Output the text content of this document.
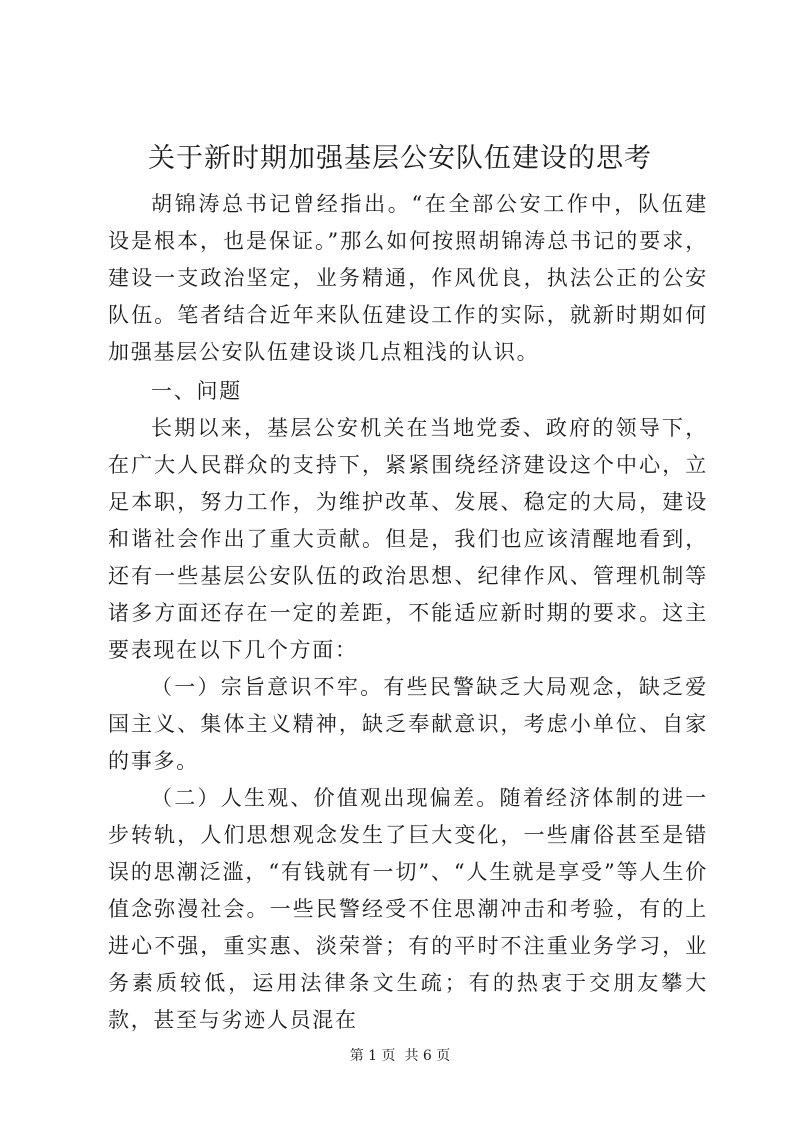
关于新时期加强基层公安队伍建设的思考

胡锦涛总书记曾经指出。“在全部公安工作中，队伍建设是根本，也是保证。”那么如何按照胡锦涛总书记的要求，建设一支政治坚定，业务精通，作风优良，执法公正的公安队伍。笔者结合近年来队伍建设工作的实际，就新时期如何加强基层公安队伍建设谈几点粗浅的认识。

一、问题

长期以来，基层公安机关在当地党委、政府的领导下，在广大人民群众的支持下，紧紧围绕经济建设这个中心，立足本职，努力工作，为维护改革、发展、稳定的大局，建设和谐社会作出了重大贡献。但是，我们也应该清醒地看到，还有一些基层公安队伍的政治思想、纪律作风、管理机制等诸多方面还存在一定的差距，不能适应新时期的要求。这主要表现在以下几个方面：

（一）宗旨意识不牢。有些民警缺乏大局观念，缺乏爱国主义、集体主义精神，缺乏奉献意识，考虑小单位、自家的事多。

（二）人生观、价值观出现偏差。随着经济体制的进一步转轨，人们思想观念发生了巨大变化，一些庸俗甚至是错误的思潮泛滥，“有钱就有一切”、“人生就是享受”等人生价值念弥漫社会。一些民警经受不住思潮冲击和考验，有的上进心不强，重实惠、淡荣誉；有的平时不注重业务学习，业务素质较低，运用法律条文生疏；有的热衷于交朋友攀大款，甚至与劣迹人员混在

第 1 页  共 6 页
